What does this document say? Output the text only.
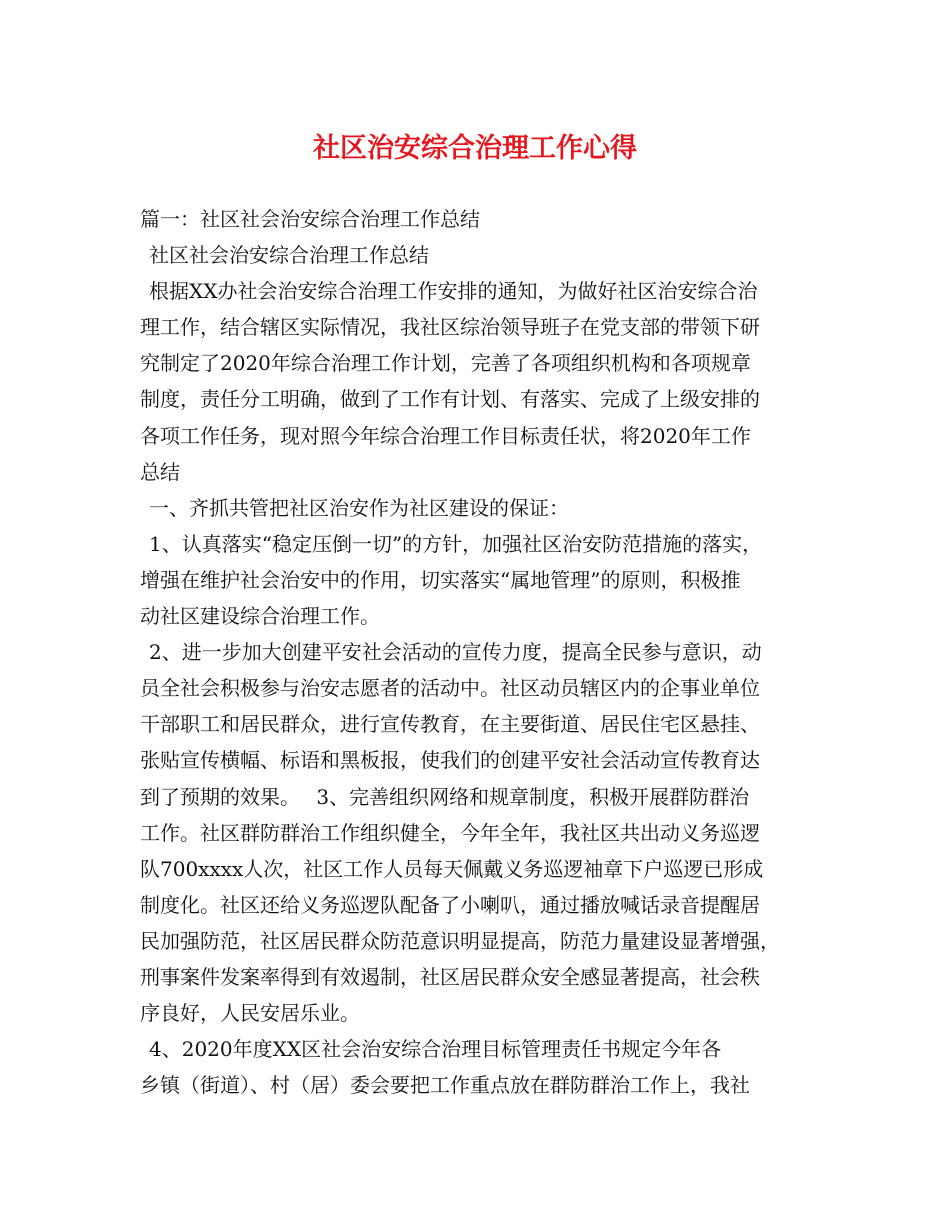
社区治安综合治理工作心得
篇一：社区社会治安综合治理工作总结
社区社会治安综合治理工作总结
根据XX办社会治安综合治理工作安排的通知，为做好社区治安综合治
理工作，结合辖区实际情况，我社区综治领导班子在党支部的带领下研
究制定了2020年综合治理工作计划，完善了各项组织机构和各项规章
制度，责任分工明确，做到了工作有计划、有落实、完成了上级安排的
各项工作任务，现对照今年综合治理工作目标责任状，将2020年工作
总结
一、齐抓共管把社区治安作为社区建设的保证：
1、认真落实“稳定压倒一切”的方针，加强社区治安防范措施的落实，
增强在维护社会治安中的作用，切实落实“属地管理”的原则，积极推
动社区建设综合治理工作。
2、进一步加大创建平安社会活动的宣传力度，提高全民参与意识，动
员全社会积极参与治安志愿者的活动中。社区动员辖区内的企事业单位
干部职工和居民群众，进行宣传教育，在主要街道、居民住宅区悬挂、
张贴宣传横幅、标语和黑板报，使我们的创建平安社会活动宣传教育达
到了预期的效果。　 3、完善组织网络和规章制度，积极开展群防群治
工作。社区群防群治工作组织健全，今年全年，我社区共出动义务巡逻
队700xxxx人次，社区工作人员每天佩戴义务巡逻袖章下户巡逻已形成
制度化。社区还给义务巡逻队配备了小喇叭，通过播放喊话录音提醒居
民加强防范，社区居民群众防范意识明显提高，防范力量建设显著增强，
刑事案件发案率得到有效遏制，社区居民群众安全感显著提高，社会秩
序良好，人民安居乐业。
4、2020年度XX区社会治安综合治理目标管理责任书规定今年各
乡镇（街道）、村（居）委会要把工作重点放在群防群治工作上，我社
